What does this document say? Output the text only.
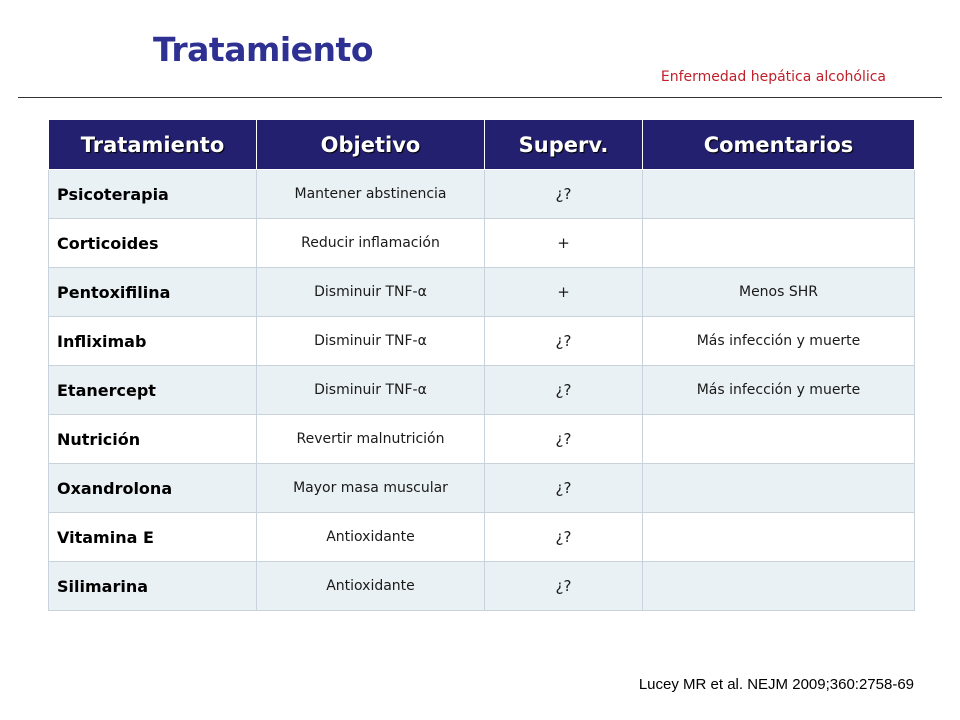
Tratamiento
Enfermedad hepática alcohólica
Tratamiento	Objetivo	Superv.	Comentarios
Psicoterapia	Mantener abstinencia	¿?	
Corticoides	Reducir inflamación	+	
Pentoxifilina	Disminuir TNF-α	+	Menos SHR
Infliximab	Disminuir TNF-α	¿?	Más infección y muerte
Etanercept	Disminuir TNF-α	¿?	Más infección y muerte
Nutrición	Revertir malnutrición	¿?	
Oxandrolona	Mayor masa muscular	¿?	
Vitamina E	Antioxidante	¿?	
Silimarina	Antioxidante	¿?	
Lucey MR et al. NEJM 2009;360:2758-69
